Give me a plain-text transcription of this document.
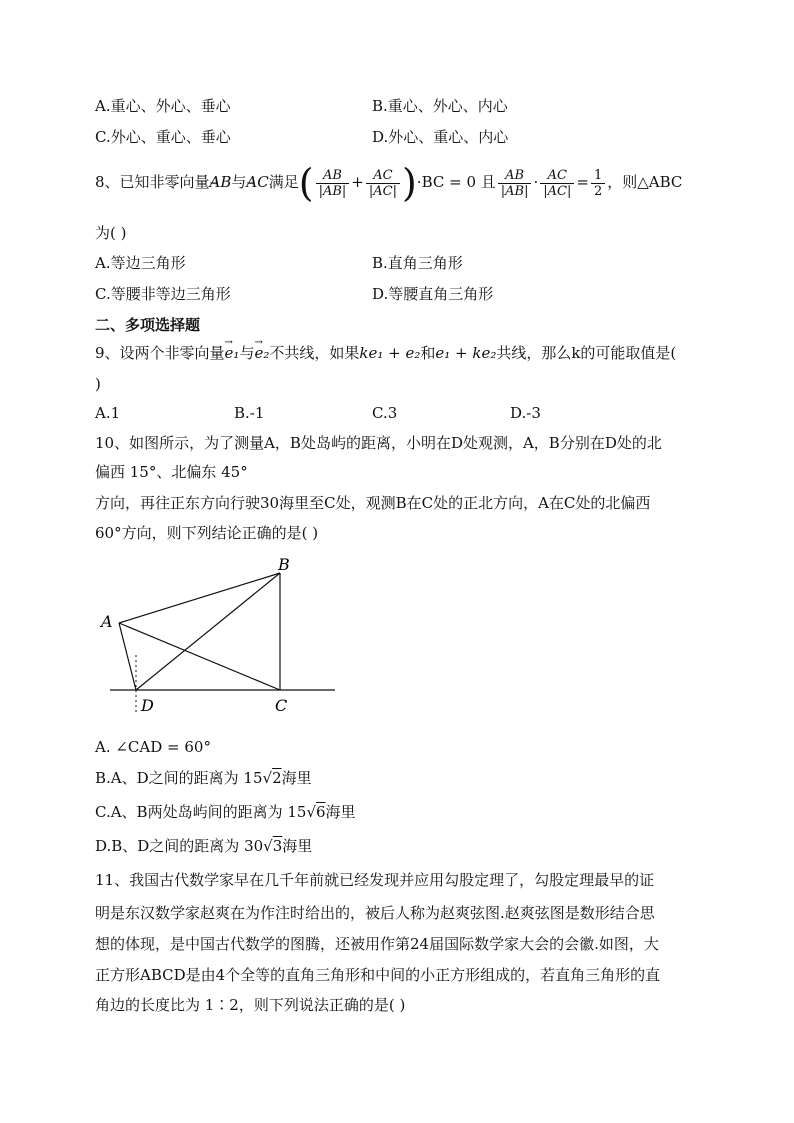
A.重心、外心、垂心	B.重心、外心、内心
C.外心、重心、垂心	D.外心、重心、内心
8、已知非零向量→ AB与→ AC满足( $\frac{AB}{|AB|} + \frac{AC}{|AC|} )\cdot BC = 0$ 且 $\frac{AB}{|AB|} \cdot \frac{AC}{|AC|} = \frac{1}{2}$ ，则△ABC
为( )
A.等边三角形	B.直角三角形
C.等腰非等边三角形	D.等腰直角三角形
二、多项选择题
9、设两个非零向量→ e₁与→ e₂不共线，如果ke₁ + e₂和e₁ + ke₂共线，那么k的可能取值是(
)
A.1	B.-1	C.3	D.-3
10、如图所示，为了测量A，B处岛屿的距离，小明在D处观测，A，B分别在D处的北
偏西 15°、北偏东 45°
方向，再往正东方向行驶30海里至C处，观测B在C处的正北方向，A在C处的北偏西
60°方向，则下列结论正确的是( )
A
B
C
D
A. ∠CAD = 60°
B.A、D之间的距离为 15√2海里
C.A、B两处岛屿间的距离为 15√6海里
D.B、D之间的距离为 30√3海里
11、我国古代数学家早在几千年前就已经发现并应用勾股定理了，勾股定理最早的证
明是东汉数学家赵爽在为作注时给出的，被后人称为赵爽弦图.赵爽弦图是数形结合思
想的体现，是中国古代数学的图腾，还被用作第24届国际数学家大会的会徽.如图，大
正方形ABCD是由4个全等的直角三角形和中间的小正方形组成的，若直角三角形的直
角边的长度比为 1∶2，则下列说法正确的是( )
